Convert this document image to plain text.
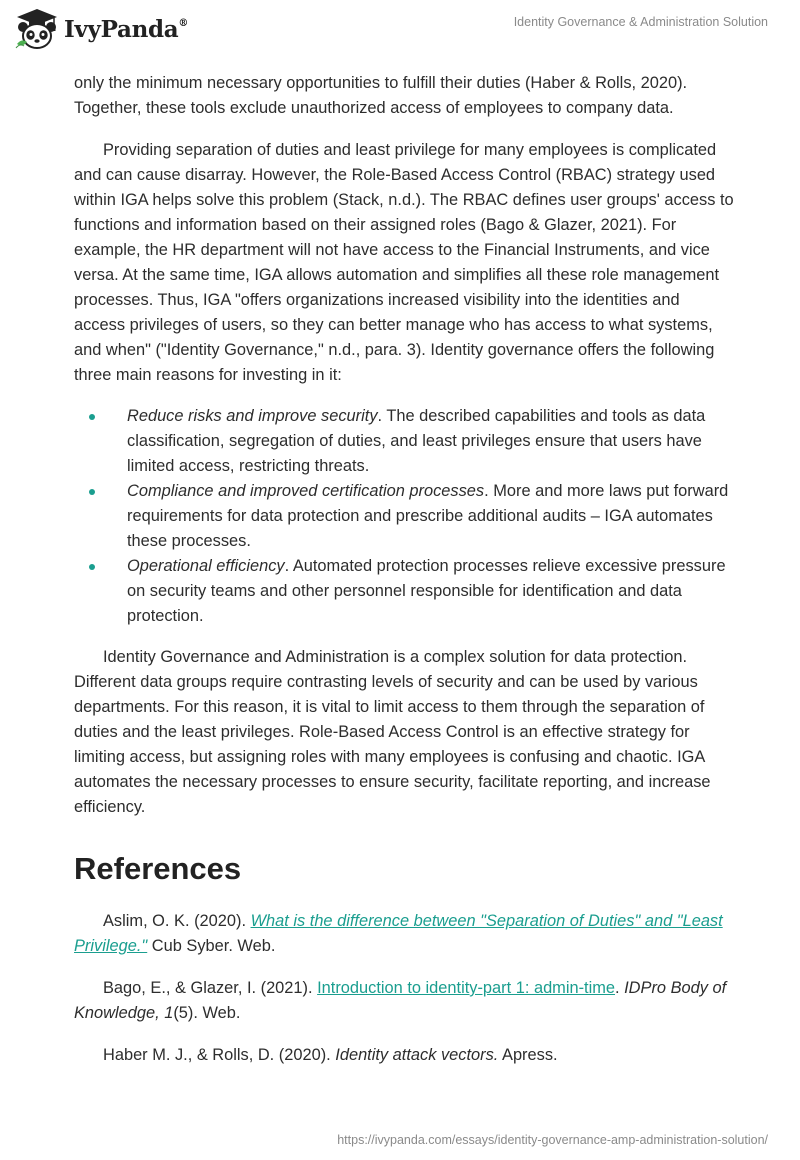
IvyPanda®	Identity Governance & Administration Solution

only the minimum necessary opportunities to fulfill their duties (Haber & Rolls, 2020). Together, these tools exclude unauthorized access of employees to company data.

Providing separation of duties and least privilege for many employees is complicated and can cause disarray. However, the Role-Based Access Control (RBAC) strategy used within IGA helps solve this problem (Stack, n.d.). The RBAC defines user groups' access to functions and information based on their assigned roles (Bago & Glazer, 2021). For example, the HR department will not have access to the Financial Instruments, and vice versa. At the same time, IGA allows automation and simplifies all these role management processes. Thus, IGA "offers organizations increased visibility into the identities and access privileges of users, so they can better manage who has access to what systems, and when" ("Identity Governance," n.d., para. 3). Identity governance offers the following three main reasons for investing in it:

Reduce risks and improve security. The described capabilities and tools as data classification, segregation of duties, and least privileges ensure that users have limited access, restricting threats.
Compliance and improved certification processes. More and more laws put forward requirements for data protection and prescribe additional audits – IGA automates these processes.
Operational efficiency. Automated protection processes relieve excessive pressure on security teams and other personnel responsible for identification and data protection.

Identity Governance and Administration is a complex solution for data protection. Different data groups require contrasting levels of security and can be used by various departments. For this reason, it is vital to limit access to them through the separation of duties and the least privileges. Role-Based Access Control is an effective strategy for limiting access, but assigning roles with many employees is confusing and chaotic. IGA automates the necessary processes to ensure security, facilitate reporting, and increase efficiency.

References

Aslim, O. K. (2020). What is the difference between "Separation of Duties" and "Least Privilege." Cub Syber. Web.

Bago, E., & Glazer, I. (2021). Introduction to identity-part 1: admin-time. IDPro Body of Knowledge, 1(5). Web.

Haber M. J., & Rolls, D. (2020). Identity attack vectors. Apress.

https://ivypanda.com/essays/identity-governance-amp-administration-solution/
